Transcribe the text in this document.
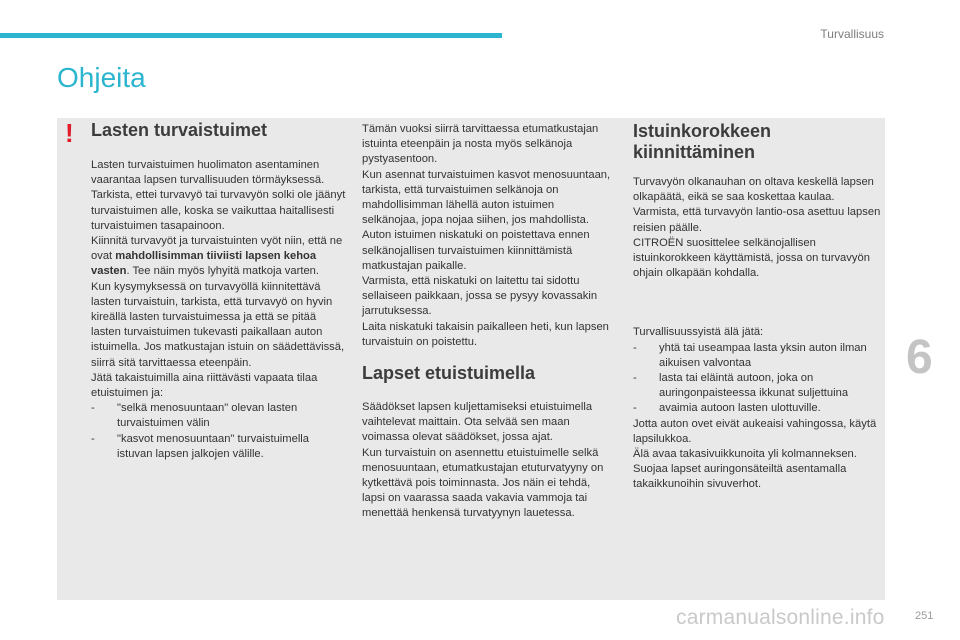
Turvallisuus
Ohjeita
! Lasten turvaistuimet

Lasten turvaistuimen huolimaton asentaminen vaarantaa lapsen turvallisuuden törmäyksessä.

Tarkista, ettei turvavyö tai turvavyön solki ole jäänyt turvaistuimen alle, koska se vaikuttaa haitallisesti turvaistuimen tasapainoon.

Kiinnitä turvavyöt ja turvaistuinten vyöt niin, että ne ovat mahdollisimman tiiviisti lapsen kehoa vasten. Tee näin myös lyhyitä matkoja varten.

Kun kysymyksessä on turvavyöllä kiinnitettävä lasten turvaistuin, tarkista, että turvavyö on hyvin kireällä lasten turvaistuimessa ja että se pitää lasten turvaistuimen tukevasti paikallaan auton istuimella. Jos matkustajan istuin on säädettävissä, siirrä sitä tarvittaessa eteenpäin.

Jätä takaistuimilla aina riittävästi vapaata tilaa etuistuimen ja:

-	"selkä menosuuntaan" olevan lasten turvaistuimen välin
-	"kasvot menosuuntaan" turvaistuimella istuvan lapsen jalkojen välille.

Tämän vuoksi siirrä tarvittaessa etumatkustajan istuinta eteenpäin ja nosta myös selkänoja pystyasentoon.

Kun asennat turvaistuimen kasvot menosuuntaan, tarkista, että turvaistuimen selkänoja on mahdollisimman lähellä auton istuimen selkänojaa, jopa nojaa siihen, jos mahdollista.

Auton istuimen niskatuki on poistettava ennen selkänojallisen turvaistuimen kiinnittämistä matkustajan paikalle.

Varmista, että niskatuki on laitettu tai sidottu sellaiseen paikkaan, jossa se pysyy kovassakin jarrutuksessa.

Laita niskatuki takaisin paikalleen heti, kun lapsen turvaistuin on poistettu.

Lapset etuistuimella

Säädökset lapsen kuljettamiseksi etuistuimella vaihtelevat maittain. Ota selvää sen maan voimassa olevat säädökset, jossa ajat.

Kun turvaistuin on asennettu etuistuimelle selkä menosuuntaan, etumatkustajan etuturvatyyny on kytkettävä pois toiminnasta. Jos näin ei tehdä, lapsi on vaarassa saada vakavia vammoja tai menettää henkensä turvatyynyn lauetessa.

Istuinkorokkeen kiinnittäminen

Turvavyön olkanauhan on oltava keskellä lapsen olkapäätä, eikä se saa koskettaa kaulaa.

Varmista, että turvavyön lantio-osa asettuu lapsen reisien päälle.

CITROËN suosittelee selkänojallisen istuinkorokkeen käyttämistä, jossa on turvavyön ohjain olkapään kohdalla.

Turvallisuussyistä älä jätä:

-	yhtä tai useampaa lasta yksin auton ilman aikuisen valvontaa
-	lasta tai eläintä autoon, joka on auringonpaisteessa ikkunat suljettuina
-	avaimia autoon lasten ulottuville.

Jotta auton ovet eivät aukeaisi vahingossa, käytä lapsilukkoa.

Älä avaa takasivuikkunoita yli kolmanneksen.

Suojaa lapset auringonsäteiltä asentamalla takaikkunoihin sivuverhot.

6
carmanualsonline.info	251
